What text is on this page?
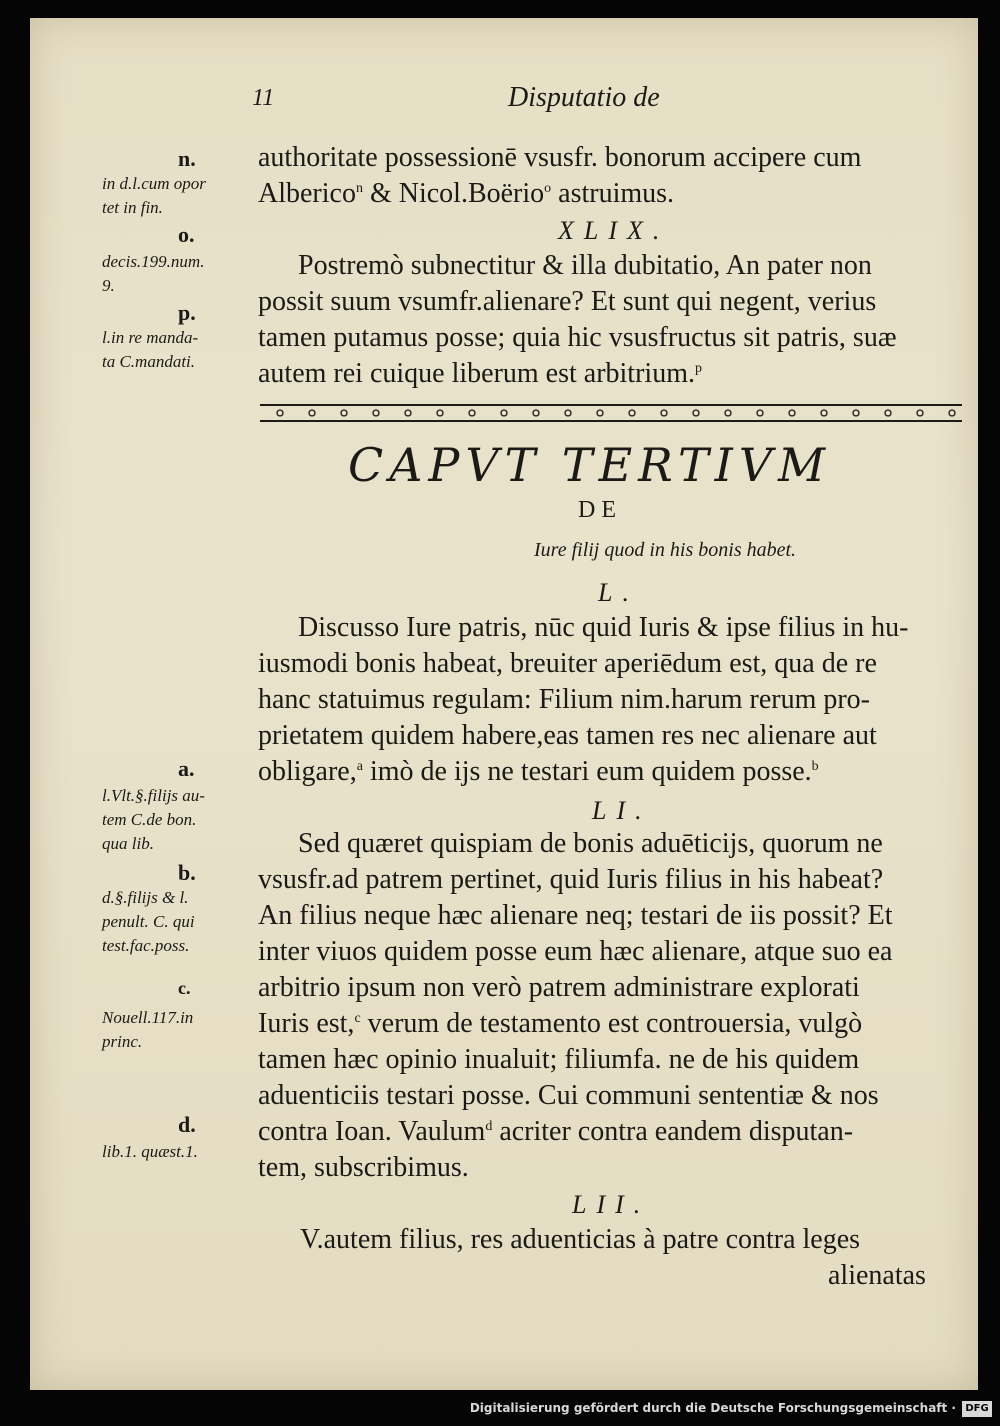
11	Disputatio de
authoritate possessionē vsusfr. bonorum accipere cum
Alberico$^n$ & Nicol.Boërio$^o$ astruimus.
XLIX.
Postremò subnectitur & illa dubitatio, An pater non
possit suum vsumfr.alienare? Et sunt qui negent, verius
tamen putamus posse; quia hic vsusfructus sit patris, suæ
autem rei cuique liberum est arbitrium.$^p$
CAPVT TERTIVM
DE
Iure filij quod in his bonis habet.
L.
Discusso Iure patris, nūc quid Iuris & ipse filius in hu-
iusmodi bonis habeat, breuiter aperiēdum est, qua de re
hanc statuimus regulam: Filium nim.harum rerum pro-
prietatem quidem habere,eas tamen res nec alienare aut
obligare,$^a$ imò de ijs ne testari eum quidem posse.$^b$
LI.
Sed quæret quispiam de bonis aduēticijs, quorum ne
vsusfr.ad patrem pertinet, quid Iuris filius in his habeat?
An filius neque hæc alienare neq; testari de iis possit? Et
inter viuos quidem posse eum hæc alienare, atque suo ea
arbitrio ipsum non verò patrem administrare explorati
Iuris est,$^c$ verum de testamento est controuersia, vulgò
tamen hæc opinio inualuit; filiumfa. ne de his quidem
aduenticiis testari posse. Cui communi sententiæ & nos
contra Ioan. Vaulum$^d$ acriter contra eandem disputan-
tem, subscribimus.
LII.
V.autem filius, res aduenticias à patre contra leges
alienatas
n.
in d.l.cum opor
tet in fin.
o.
decis.199.num.
9.
p.
l.in re manda-
ta C.mandati.
a.
l.Vlt.§.filijs au-
tem C.de bon.
qua lib.
b.
d.§.filijs & l.
penult. C. qui
test.fac.poss.
c.
Nouell.117.in
princ.
d.
lib.1. quæst.1.
Digitalisierung gefördert durch die Deutsche Forschungsgemeinschaft · DFG
